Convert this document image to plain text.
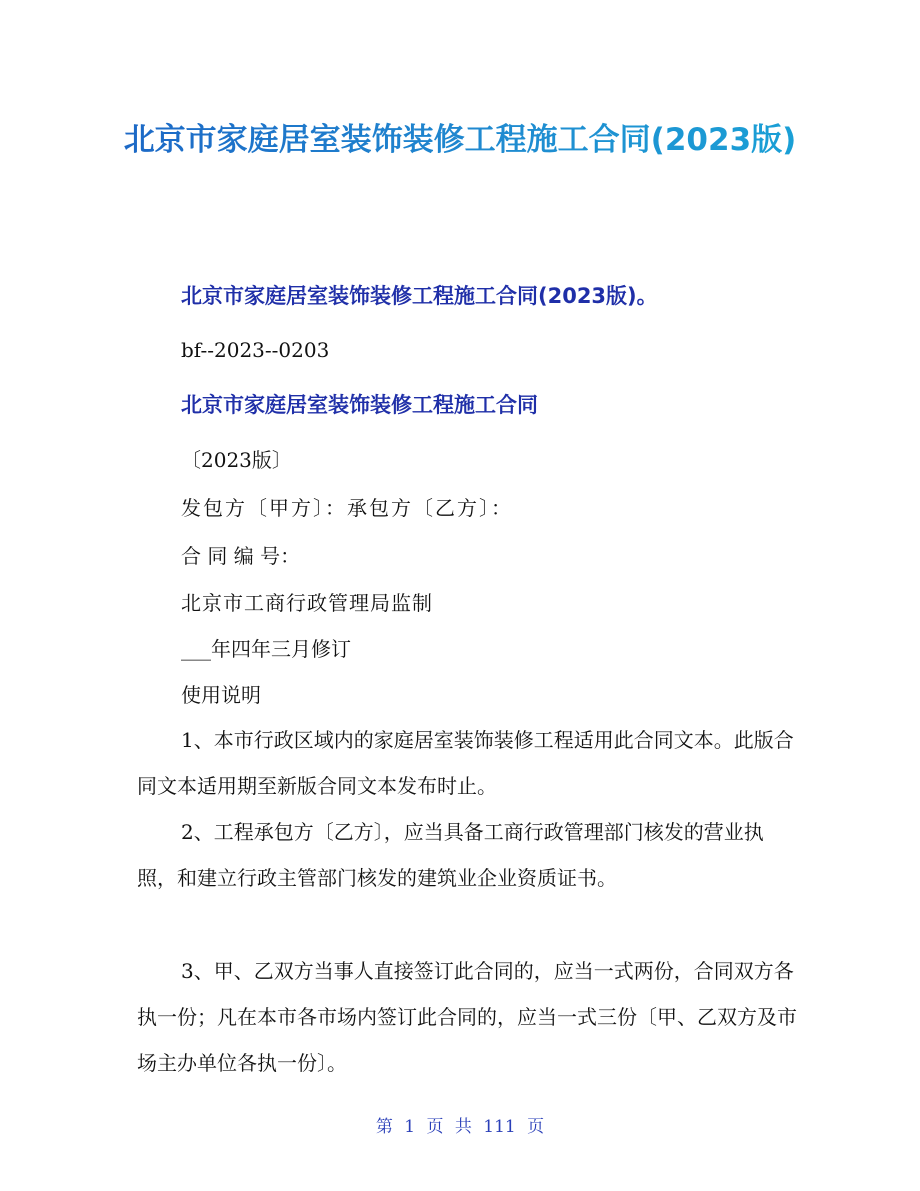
北京市家庭居室装饰装修工程施工合同(2023版)
北京市家庭居室装饰装修工程施工合同(2023版)。
bf--2023--0203
北京市家庭居室装饰装修工程施工合同
〔2023版〕
发包方〔甲方〕：承包方〔乙方〕：
合 同 编 号：
北京市工商行政管理局监制
___年四年三月修订
使用说明
1、本市行政区域内的家庭居室装饰装修工程适用此合同文本。此版合同文本适用期至新版合同文本发布时止。
2、工程承包方〔乙方〕，应当具备工商行政管理部门核发的营业执照，和建立行政主管部门核发的建筑业企业资质证书。
3、甲、乙双方当事人直接签订此合同的，应当一式两份，合同双方各执一份；凡在本市各市场内签订此合同的，应当一式三份〔甲、乙双方及市场主办单位各执一份〕。
第 1 页 共 111 页
